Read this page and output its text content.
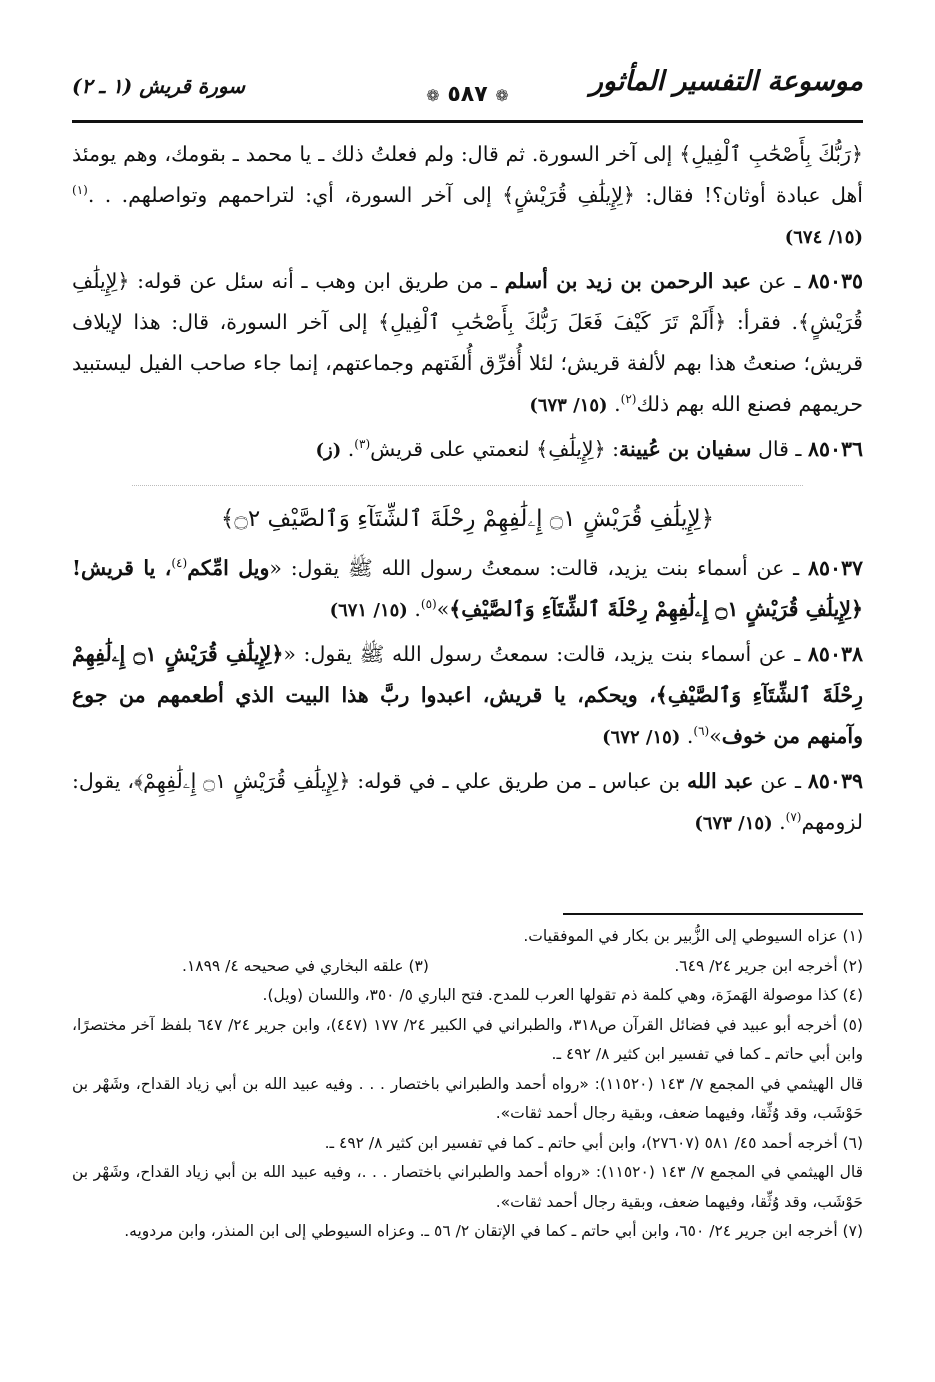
موسوعة التفسير المأثور
❁ ٥٨٧ ❁
سورة قريش (١ ـ ٢)

﴿رَبُّكَ بِأَصْحَٰبِ ٱلْفِيلِ﴾ إلى آخر السورة. ثم قال: ولم فعلتُ ذلك ـ يا محمد ـ بقومك، وهم يومئذ أهل عبادة أوثان؟! فقال: ﴿لِإِيلَٰفِ قُرَيْشٍ﴾ إلى آخر السورة، أي: لتراحمهم وتواصلهم. . .$^{(١)}$ (١٥/ ٦٧٤)

٨٥٠٣٥ ـ عن عبد الرحمن بن زيد بن أسلم ـ من طريق ابن وهب ـ أنه سئل عن قوله: ﴿لِإِيلَٰفِ قُرَيْشٍ﴾. فقرأ: ﴿أَلَمْ تَرَ كَيْفَ فَعَلَ رَبُّكَ بِأَصْحَٰبِ ٱلْفِيلِ﴾ إلى آخر السورة، قال: هذا لإيلاف قريش؛ صنعتُ هذا بهم لألفة قريش؛ لئلا أُفرِّق أُلفَتهم وجماعتهم، إنما جاء صاحب الفيل ليستبيد حريمهم فصنع الله بهم ذلك$^{(٢)}$. (١٥/ ٦٧٣)

٨٥٠٣٦ ـ قال سفيان بن عُيينة: ﴿لِإِيلَٰفِ﴾ لنعمتي على قريش$^{(٣)}$. (ز)

﴿لِإِيلَٰفِ قُرَيْشٍ ۝١ إِۦلَٰفِهِمْ رِحْلَةَ ٱلشِّتَآءِ وَٱلصَّيْفِ ۝٢﴾

٨٥٠٣٧ ـ عن أسماء بنت يزيد، قالت: سمعتُ رسول الله ﷺ يقول: «ويل امِّكم$^{(٤)}$، يا قريش! ﴿لِإِيلَٰفِ قُرَيْشٍ ۝١ إِۦلَٰفِهِمْ رِحْلَةَ ٱلشِّتَآءِ وَٱلصَّيْفِ﴾»$^{(٥)}$. (١٥/ ٦٧١)

٨٥٠٣٨ ـ عن أسماء بنت يزيد، قالت: سمعتُ رسول الله ﷺ يقول: «﴿لِإِيلَٰفِ قُرَيْشٍ ۝١ إِۦلَٰفِهِمْ رِحْلَةَ ٱلشِّتَآءِ وَٱلصَّيْفِ﴾، ويحكم، يا قريش، اعبدوا ربَّ هذا البيت الذي أطعمهم من جوع وآمنهم من خوف»$^{(٦)}$. (١٥/ ٦٧٢)

٨٥٠٣٩ ـ عن عبد الله بن عباس ـ من طريق علي ـ في قوله: ﴿لِإِيلَٰفِ قُرَيْشٍ ۝١ إِۦلَٰفِهِمْ﴾، يقول: لزومهم$^{(٧)}$. (١٥/ ٦٧٣)

(١) عزاه السيوطي إلى الزُّبير بن بكار في الموفقيات.

(٢) أخرجه ابن جرير ٢٤/ ٦٤٩.
(٣) علقه البخاري في صحيحه ٤/ ١٨٩٩.

(٤) كذا موصولة الهَمزَة، وهي كلمة ذم تقولها العرب للمدح. فتح الباري ٥/ ٣٥٠، واللسان (ويل).

(٥) أخرجه أبو عبيد في فضائل القرآن ص٣١٨، والطبراني في الكبير ٢٤/ ١٧٧ (٤٤٧)، وابن جرير ٢٤/ ٦٤٧ بلفظ آخر مختصرًا، وابن أبي حاتم ـ كما في تفسير ابن كثير ٨/ ٤٩٢ ـ.

قال الهيثمي في المجمع ٧/ ١٤٣ (١١٥٢٠): «رواه أحمد والطبراني باختصار . . . وفيه عبيد الله بن أبي زياد القداح، وشَهْر بن حَوْشَب، وقد وُثِّقا، وفيهما ضعف، وبقية رجال أحمد ثقات».

(٦) أخرجه أحمد ٤٥/ ٥٨١ (٢٧٦٠٧)، وابن أبي حاتم ـ كما في تفسير ابن كثير ٨/ ٤٩٢ ـ.

قال الهيثمي في المجمع ٧/ ١٤٣ (١١٥٢٠): «رواه أحمد والطبراني باختصار . . .، وفيه عبيد الله بن أبي زياد القداح، وشَهْر بن حَوْشَب، وقد وُثِّقا، وفيهما ضعف، وبقية رجال أحمد ثقات».

(٧) أخرجه ابن جرير ٢٤/ ٦٥٠، وابن أبي حاتم ـ كما في الإتقان ٢/ ٥٦ ـ. وعزاه السيوطي إلى ابن المنذر، وابن مردويه.
